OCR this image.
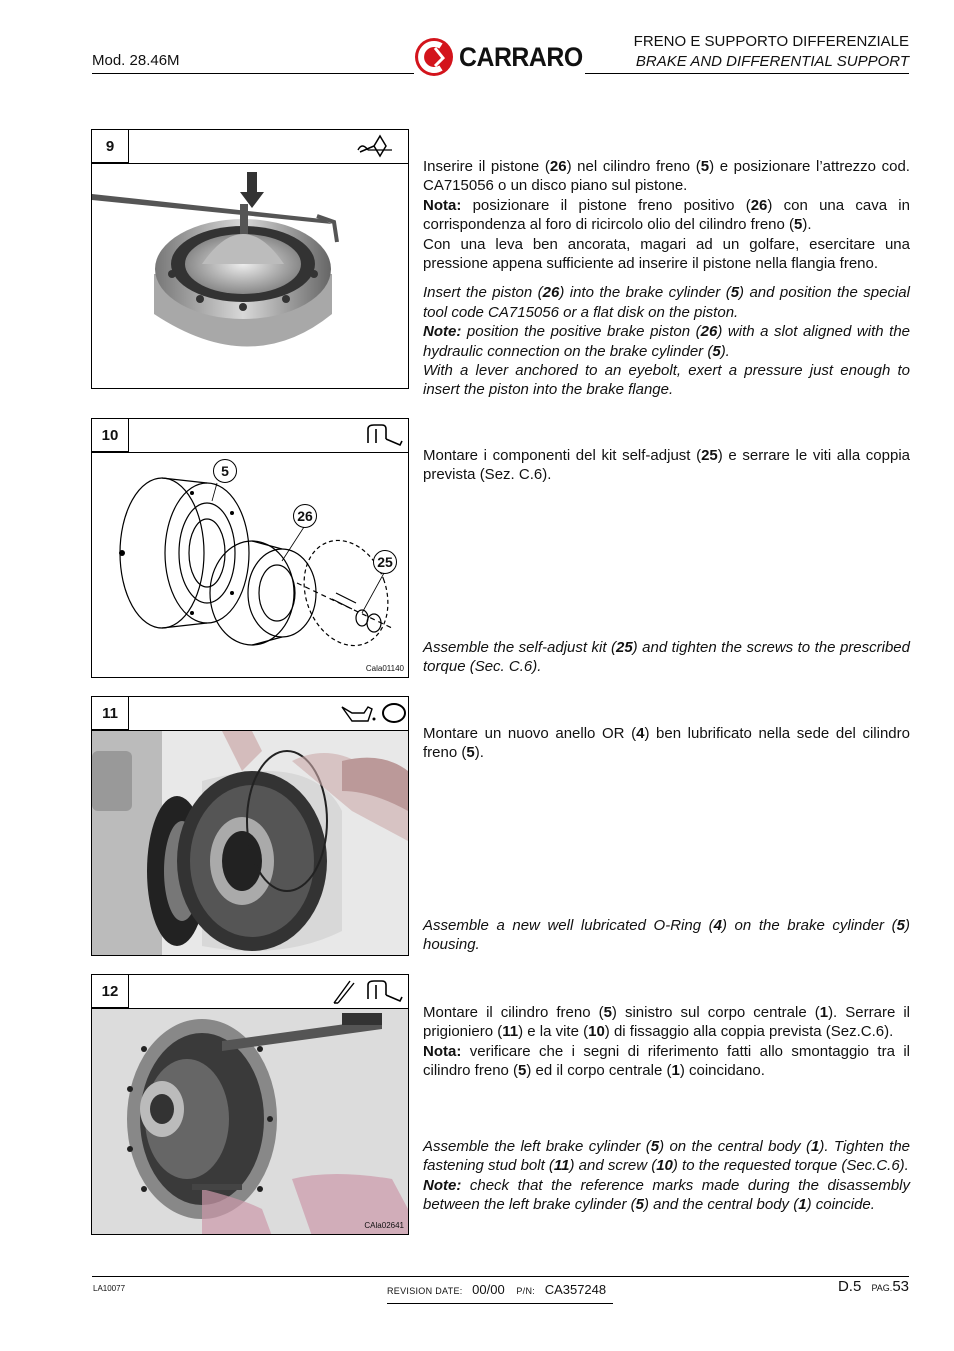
Mod. 28.46M	CARRARO
FRENO E SUPPORTO DIFFERENZIALE
BRAKE AND DIFFERENTIAL SUPPORT
9

Inserire il pistone (26) nel cilindro freno (5) e posizionare l’attrezzo cod. CA715056 o un disco piano sul pistone.

Nota: posizionare il pistone freno positivo (26) con una cava in corrispondenza al foro di ricircolo olio del cilindro freno (5).

Con una leva ben ancorata, magari ad un golfare, esercitare una pressione appena sufficiente ad inserire il pistone nella flangia freno.

Insert the piston (26) into the brake cylinder (5) and position the special tool code CA715056 or a flat disk on the piston.

Note: position the positive brake piston (26) with a slot aligned with the hydraulic connection on the brake cylinder (5).

With a lever anchored to an eyebolt, exert a pressure just enough to insert the piston into the brake flange.

10
5
26
25
Cala01140

Montare i componenti del kit self-adjust (25) e serrare le viti alla coppia prevista (Sez. C.6).

Assemble the self-adjust kit (25) and tighten the screws to the prescribed torque (Sec. C.6).

11

Montare un nuovo anello OR (4) ben lubrificato nella sede del cilindro freno (5).

Assemble a new well lubricated O-Ring (4) on the brake cylinder (5) housing.

12
CAla02641

Montare il cilindro freno (5) sinistro sul corpo centrale (1). Serrare il prigioniero (11) e la vite (10) di fissaggio alla coppia prevista (Sez.C.6).

Nota: verificare che i segni di riferimento fatti allo smontaggio tra il cilindro freno (5) ed il corpo centrale (1) coincidano.

Assemble the left brake cylinder (5) on the central body (1). Tighten the fastening stud bolt (11) and screw (10) to the requested torque (Sec.C.6).

Note: check that the reference marks made during the disassembly between the left brake cylinder (5) and the central body (1) coincide.

LA10077	REVISION DATE: 00/00 P/N: CA357248	D.5 PAG.53
